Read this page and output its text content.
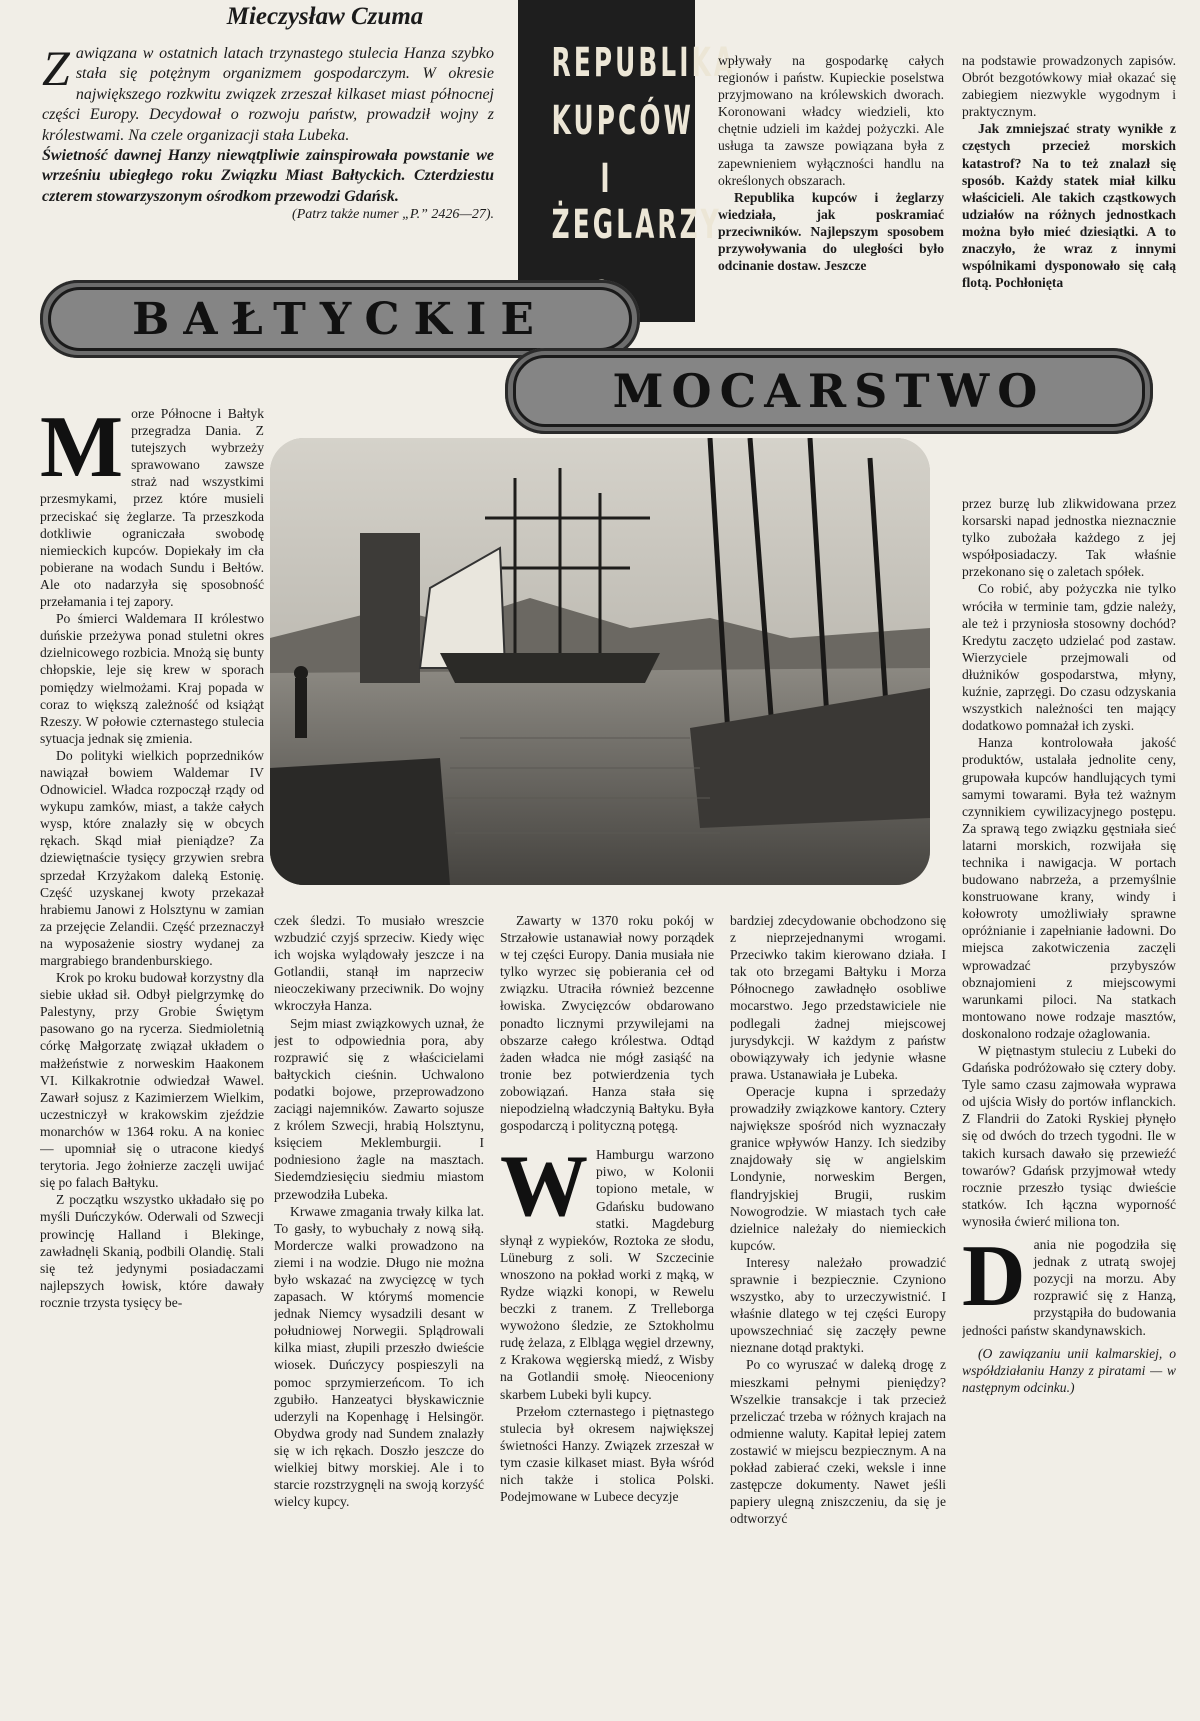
Mieczysław Czuma
Z awiązana w ostatnich latach trzynastego stulecia Hanza szybko stała się potężnym organizmem gospodarczym. W okresie największego rozkwitu związek zrzeszał kilkaset miast północnej części Europy. Decydował o rozwoju państw, prowadził wojny z królestwami. Na czele organizacji stała Lubeka.

Świetność dawnej Hanzy niewątpliwie zainspirowała powstanie we wrześniu ubiegłego roku Związku Miast Bałtyckich. Czterdziestu czterem stowarzyszonym ośrodkom przewodzi Gdańsk.

(Patrz także numer „P.” 2426—27).

REPUBLIKA
KUPCÓW
I ŻEGLARZY

wpływały na gospodarkę całych regionów i państw. Kupieckie poselstwa przyjmowano na królewskich dworach. Koronowani władcy wiedzieli, kto chętnie udzieli im każdej pożyczki. Ale usługa ta zawsze powiązana była z zapewnieniem wyłączności handlu na określonych obszarach.

Republika kupców i żeglarzy wiedziała, jak poskramiać przeciwników. Najlepszym sposobem przywoływania do uległości było odcinanie dostaw. Jeszcze

na podstawie prowadzonych zapisów. Obrót bezgotówkowy miał okazać się zabiegiem niezwykle wygodnym i praktycznym.

Jak zmniejszać straty wynikłe z częstych przecież morskich katastrof? Na to też znalazł się sposób. Każdy statek miał kilku właścicieli. Ale takich cząstkowych udziałów na różnych jednostkach można było mieć dziesiątki. A to znaczyło, że wraz z innymi wspólnikami dysponowało się całą flotą. Pochłonięta

BAŁTYCKIE
MOCARSTWO
M orze Północne i Bałtyk przegradza Dania. Z tutejszych wybrzeży sprawowano zawsze straż nad wszystkimi przesmykami, przez które musieli przeciskać się żeglarze. Ta przeszkoda dotkliwie ograniczała swobodę niemieckich kupców. Dopiekały im cła pobierane na wodach Sundu i Bełtów. Ale oto nadarzyła się sposobność przełamania i tej zapory.

Po śmierci Waldemara II królestwo duńskie przeżywa ponad stuletni okres dzielnicowego rozbicia. Mnożą się bunty chłopskie, leje się krew w sporach pomiędzy wielmożami. Kraj popada w coraz to większą zależność od książąt Rzeszy. W połowie czternastego stulecia sytuacja jednak się zmienia.

Do polityki wielkich poprzedników nawiązał bowiem Waldemar IV Odnowiciel. Władca rozpoczął rządy od wykupu zamków, miast, a także całych wysp, które znalazły się w obcych rękach. Skąd miał pieniądze? Za dziewiętnaście tysięcy grzywien srebra sprzedał Krzyżakom daleką Estonię. Część uzyskanej kwoty przekazał hrabiemu Janowi z Holsztynu w zamian za przejęcie Zelandii. Część przeznaczył na wyposażenie siostry wydanej za margrabiego brandenburskiego.

Krok po kroku budował korzystny dla siebie układ sił. Odbył pielgrzymkę do Palestyny, przy Grobie Świętym pasowano go na rycerza. Siedmioletnią córkę Małgorzatę związał układem o małżeństwie z norweskim Haakonem VI. Kilkakrotnie odwiedzał Wawel. Zawarł sojusz z Kazimierzem Wielkim, uczestniczył w krakowskim zjeździe monarchów w 1364 roku. A na koniec — upomniał się o utracone kiedyś terytoria. Jego żołnierze zaczęli uwijać się po falach Bałtyku.

Z początku wszystko układało się po myśli Duńczyków. Oderwali od Szwecji prowincję Halland i Blekinge, zawładnęli Skanią, podbili Olandię. Stali się też jedynymi posiadaczami najlepszych łowisk, które dawały rocznie trzysta tysięcy be-

czek śledzi. To musiało wreszcie wzbudzić czyjś sprzeciw. Kiedy więc ich wojska wylądowały jeszcze i na Gotlandii, stanął im naprzeciw nieoczekiwany przeciwnik. Do wojny wkroczyła Hanza.

Sejm miast związkowych uznał, że jest to odpowiednia pora, aby rozprawić się z właścicielami bałtyckich cieśnin. Uchwalono podatki bojowe, przeprowadzono zaciągi najemników. Zawarto sojusze z królem Szwecji, hrabią Holsztynu, księciem Meklemburgii. I podniesiono żagle na masztach. Siedemdziesięciu siedmiu miastom przewodziła Lubeka.

Krwawe zmagania trwały kilka lat. To gasły, to wybuchały z nową siłą. Mordercze walki prowadzono na ziemi i na wodzie. Długo nie można było wskazać na zwycięzcę w tych zapasach. W którymś momencie jednak Niemcy wysadzili desant w południowej Norwegii. Splądrowali kilka miast, złupili przeszło dwieście wiosek. Duńczycy pospieszyli na pomoc sprzymierzeńcom. To ich zgubiło. Hanzeatyci błyskawicznie uderzyli na Kopenhagę i Helsingör. Obydwa grody nad Sundem znalazły się w ich rękach. Doszło jeszcze do wielkiej bitwy morskiej. Ale i to starcie rozstrzygnęli na swoją korzyść wielcy kupcy.

Zawarty w 1370 roku pokój w Strzałowie ustanawiał nowy porządek w tej części Europy. Dania musiała nie tylko wyrzec się pobierania ceł od związku. Utraciła również bezcenne łowiska. Zwycięzców obdarowano ponadto licznymi przywilejami na obszarze całego królestwa. Odtąd żaden władca nie mógł zasiąść na tronie bez potwierdzenia tych zobowiązań. Hanza stała się niepodzielną władczynią Bałtyku. Była gospodarczą i polityczną potęgą.

W Hamburgu warzono piwo, w Kolonii topiono metale, w Gdańsku budowano statki. Magdeburg słynął z wypieków, Roztoka ze słodu, Lüneburg z soli. W Szczecinie wnoszono na pokład worki z mąką, w Rydze wiązki konopi, w Rewelu beczki z tranem. Z Trelleborga wywożono śledzie, ze Sztokholmu rudę żelaza, z Elbląga węgiel drzewny, z Krakowa węgierską miedź, z Wisby na Gotlandii smołę. Nieoceniony skarbem Lubeki byli kupcy.

Przełom czternastego i piętnastego stulecia był okresem największej świetności Hanzy. Związek zrzeszał w tym czasie kilkaset miast. Była wśród nich także i stolica Polski. Podejmowane w Lubece decyzje

bardziej zdecydowanie obchodzono się z nieprzejednanymi wrogami. Przeciwko takim kierowano działa. I tak oto brzegami Bałtyku i Morza Północnego zawładnęło osobliwe mocarstwo. Jego przedstawiciele nie podlegali żadnej miejscowej jurysdykcji. W każdym z państw obowiązywały ich jedynie własne prawa. Ustanawiała je Lubeka.

Operacje kupna i sprzedaży prowadziły związkowe kantory. Cztery największe spośród nich wyznaczały granice wpływów Hanzy. Ich siedziby znajdowały się w angielskim Londynie, norweskim Bergen, flandryjskiej Brugii, ruskim Nowogrodzie. W miastach tych całe dzielnice należały do niemieckich kupców.

Interesy należało prowadzić sprawnie i bezpiecznie. Czyniono wszystko, aby to urzeczywistnić. I właśnie dlatego w tej części Europy upowszechniać się zaczęły pewne nieznane dotąd praktyki.

Po co wyruszać w daleką drogę z mieszkami pełnymi pieniędzy? Wszelkie transakcje i tak przecież przeliczać trzeba w różnych krajach na odmienne waluty. Kapitał lepiej zatem zostawić w miejscu bezpiecznym. A na pokład zabierać czeki, weksle i inne zastępcze dokumenty. Nawet jeśli papiery ulegną zniszczeniu, da się je odtworzyć

przez burzę lub zlikwidowana przez korsarski napad jednostka nieznacznie tylko zubożała każdego z jej współposiadaczy. Tak właśnie przekonano się o zaletach spółek.

Co robić, aby pożyczka nie tylko wróciła w terminie tam, gdzie należy, ale też i przyniosła stosowny dochód? Kredytu zaczęto udzielać pod zastaw. Wierzyciele przejmowali od dłużników gospodarstwa, młyny, kuźnie, zaprzęgi. Do czasu odzyskania wszystkich należności ten mający dodatkowo pomnażał ich zyski.

Hanza kontrolowała jakość produktów, ustalała jednolite ceny, grupowała kupców handlujących tymi samymi towarami. Była też ważnym czynnikiem cywilizacyjnego postępu. Za sprawą tego związku gęstniała sieć latarni morskich, rozwijała się technika i nawigacja. W portach budowano nabrzeża, a przemyślnie konstruowane krany, windy i kołowroty umożliwiały sprawne opróżnianie i zapełnianie ładowni. Do miejsca zakotwiczenia zaczęli wprowadzać przybyszów obznajomieni z miejscowymi warunkami piloci. Na statkach montowano nowe rodzaje masztów, doskonalono rodzaje ożaglowania.

W piętnastym stuleciu z Lubeki do Gdańska podróżowało się cztery doby. Tyle samo czasu zajmowała wyprawa od ujścia Wisły do portów inflanckich. Z Flandrii do Zatoki Ryskiej płynęło się od dwóch do trzech tygodni. Ile w takich kursach dawało się przewieźć towarów? Gdańsk przyjmował wtedy rocznie przeszło tysiąc dwieście statków. Ich łączna wyporność wynosiła ćwierć miliona ton.

D ania nie pogodziła się jednak z utratą swojej pozycji na morzu. Aby rozprawić się z Hanzą, przystąpiła do budowania jedności państw skandynawskich.

(O zawiązaniu unii kalmarskiej, o współdziałaniu Hanzy z piratami — w następnym odcinku.)
